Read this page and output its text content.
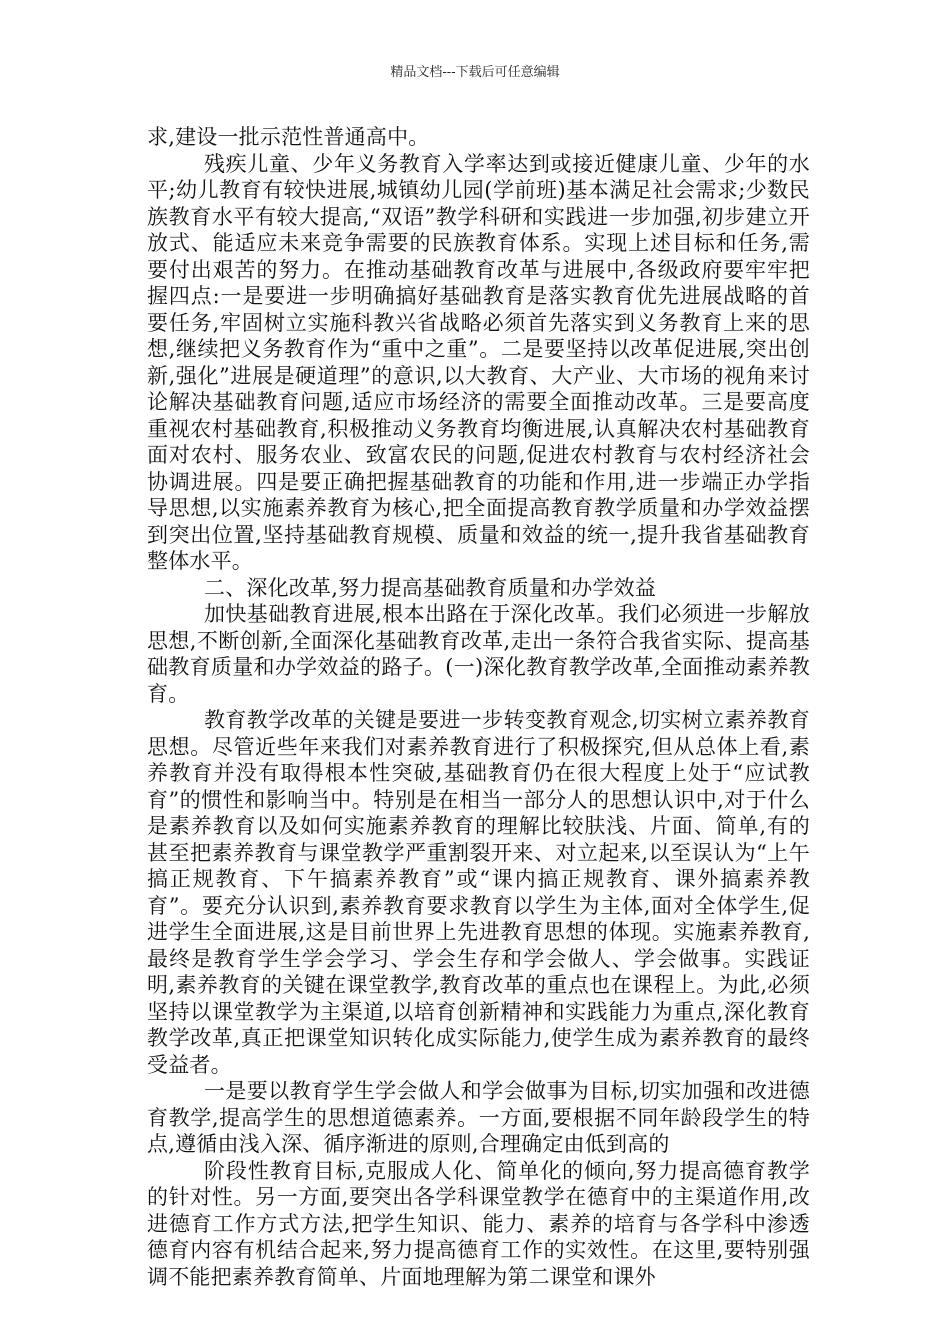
精品文档---下载后可任意编辑

求,建设一批示范性普通高中。

残疾儿童、少年义务教育入学率达到或接近健康儿童、少年的水平;幼儿教育有较快进展,城镇幼儿园(学前班)基本满足社会需求;少数民族教育水平有较大提高,“双语”教学科研和实践进一步加强,初步建立开放式、能适应未来竞争需要的民族教育体系。实现上述目标和任务,需要付出艰苦的努力。在推动基础教育改革与进展中,各级政府要牢牢把握四点:一是要进一步明确搞好基础教育是落实教育优先进展战略的首要任务,牢固树立实施科教兴省战略必须首先落实到义务教育上来的思想,继续把义务教育作为“重中之重”。二是要坚持以改革促进展,突出创新,强化”进展是硬道理”的意识,以大教育、大产业、大市场的视角来讨论解决基础教育问题,适应市场经济的需要全面推动改革。三是要高度重视农村基础教育,积极推动义务教育均衡进展,认真解决农村基础教育面对农村、服务农业、致富农民的问题,促进农村教育与农村经济社会协调进展。四是要正确把握基础教育的功能和作用,进一步端正办学指导思想,以实施素养教育为核心,把全面提高教育教学质量和办学效益摆到突出位置,坚持基础教育规模、质量和效益的统一,提升我省基础教育整体水平。

二、深化改革,努力提高基础教育质量和办学效益

加快基础教育进展,根本出路在于深化改革。我们必须进一步解放思想,不断创新,全面深化基础教育改革,走出一条符合我省实际、提高基础教育质量和办学效益的路子。(一)深化教育教学改革,全面推动素养教育。

教育教学改革的关键是要进一步转变教育观念,切实树立素养教育思想。尽管近些年来我们对素养教育进行了积极探究,但从总体上看,素养教育并没有取得根本性突破,基础教育仍在很大程度上处于“应试教育”的惯性和影响当中。特别是在相当一部分人的思想认识中,对于什么是素养教育以及如何实施素养教育的理解比较肤浅、片面、简单,有的甚至把素养教育与课堂教学严重割裂开来、对立起来,以至误认为“上午搞正规教育、下午搞素养教育”或“课内搞正规教育、课外搞素养教育”。要充分认识到,素养教育要求教育以学生为主体,面对全体学生,促进学生全面进展,这是目前世界上先进教育思想的体现。实施素养教育,最终是教育学生学会学习、学会生存和学会做人、学会做事。实践证明,素养教育的关键在课堂教学,教育改革的重点也在课程上。为此,必须坚持以课堂教学为主渠道,以培育创新精神和实践能力为重点,深化教育教学改革,真正把课堂知识转化成实际能力,使学生成为素养教育的最终受益者。

一是要以教育学生学会做人和学会做事为目标,切实加强和改进德育教学,提高学生的思想道德素养。一方面,要根据不同年龄段学生的特点,遵循由浅入深、循序渐进的原则,合理确定由低到高的

阶段性教育目标,克服成人化、简单化的倾向,努力提高德育教学的针对性。另一方面,要突出各学科课堂教学在德育中的主渠道作用,改进德育工作方式方法,把学生知识、能力、素养的培育与各学科中渗透德育内容有机结合起来,努力提高德育工作的实效性。在这里,要特别强调不能把素养教育简单、片面地理解为第二课堂和课外
